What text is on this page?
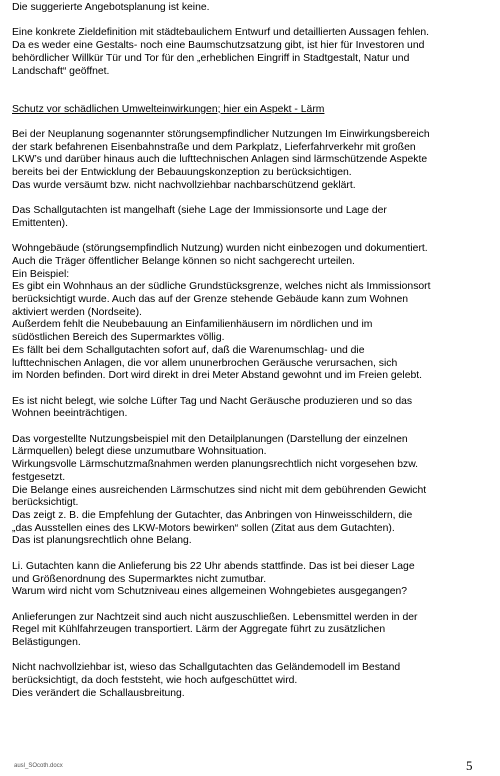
Die suggerierte Angebotsplanung ist keine.
Eine konkrete Zieldefinition mit städtebaulichem Entwurf und detaillierten Aussagen fehlen.
Da es weder eine Gestalts- noch eine Baumschutzsatzung gibt, ist hier für Investoren und
behördlicher Willkür Tür und Tor für den „erheblichen Eingriff in Stadtgestalt, Natur und
Landschaft“ geöffnet.

Schutz vor schädlichen Umwelteinwirkungen; hier ein Aspekt - Lärm
Bei der Neuplanung sogenannter störungsempfindlicher Nutzungen Im Einwirkungsbereich
der stark befahrenen Eisenbahnstraße und dem Parkplatz, Lieferfahrverkehr mit großen
LKW’s und darüber hinaus auch die lufttechnischen Anlagen sind lärmschützende Aspekte
bereits bei der Entwicklung der Bebauungskonzeption zu berücksichtigen.
Das wurde versäumt bzw. nicht nachvollziehbar nachbarschützend geklärt.
Das Schallgutachten ist mangelhaft (siehe Lage der Immissionsorte und Lage der
Emittenten).
Wohngebäude (störungsempfindlich Nutzung) wurden nicht einbezogen und dokumentiert.
Auch die Träger öffentlicher Belange können so nicht sachgerecht urteilen.
Ein Beispiel:
Es gibt ein Wohnhaus an der südliche Grundstücksgrenze, welches nicht als Immissionsort
berücksichtigt wurde. Auch das auf der Grenze stehende Gebäude kann zum Wohnen
aktiviert werden (Nordseite).
Außerdem fehlt die Neubebauung an Einfamilienhäusern im nördlichen und im
südöstlichen Bereich des Supermarktes völlig.
Es fällt bei dem Schallgutachten sofort auf, daß die Warenumschlag- und die
lufttechnischen Anlagen, die vor allem ununerbrochen Geräusche verursachen, sich
im Norden befinden. Dort wird direkt in drei Meter Abstand gewohnt und im Freien gelebt.
Es ist nicht belegt, wie solche Lüfter Tag und Nacht Geräusche produzieren und so das
Wohnen beeinträchtigen.
Das vorgestellte Nutzungsbeispiel mit den Detailplanungen (Darstellung der einzelnen
Lärmquellen) belegt diese unzumutbare Wohnsituation.
Wirkungsvolle Lärmschutzmaßnahmen werden planungsrechtlich nicht vorgesehen bzw.
festgesetzt.
Die Belange eines ausreichenden Lärmschutzes sind nicht mit dem gebührenden Gewicht
berücksichtigt.
Das zeigt z. B. die Empfehlung der Gutachter, das Anbringen von Hinweisschildern, die
„das Ausstellen eines des LKW-Motors bewirken“ sollen (Zitat aus dem Gutachten).
Das ist planungsrechtlich ohne Belang.
Li. Gutachten kann die Anlieferung bis 22 Uhr abends stattfinde. Das ist bei dieser Lage
und Größenordnung des Supermarktes nicht zumutbar.
Warum wird nicht vom Schutzniveau eines allgemeinen Wohngebietes ausgegangen?
Anlieferungen zur Nachtzeit sind auch nicht auszuschließen. Lebensmittel werden in der
Regel mit Kühlfahrzeugen transportiert. Lärm der Aggregate führt zu zusätzlichen
Belästigungen.
Nicht nachvollziehbar ist, wieso das Schallgutachten das Geländemodell im Bestand
berücksichtigt, da doch feststeht, wie hoch aufgeschüttet wird.
Dies verändert die Schallausbreitung.
ausl_SOcoth.docx	5
